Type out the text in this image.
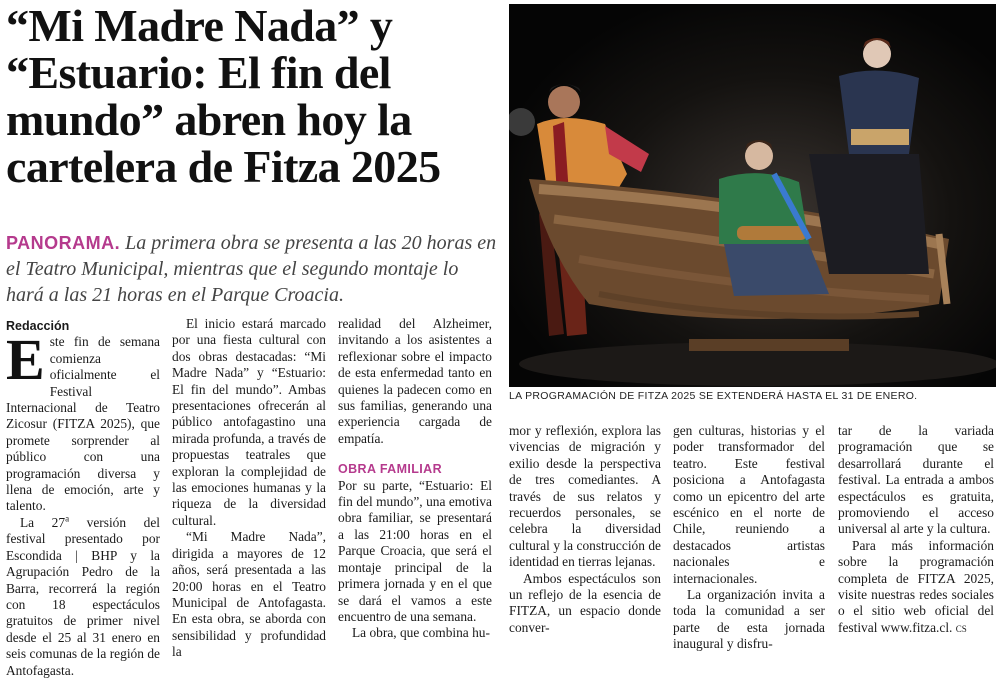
“Mi Madre Nada” y
“Estuario: El fin del
mundo” abren hoy la
cartelera de Fitza 2025

PANORAMA. La primera obra se presenta a las 20 horas en el Teatro Municipal, mientras que el segundo montaje lo hará a las 21 horas en el Parque Croacia.

LA PROGRAMACIÓN DE FITZA 2025 SE EXTENDERÁ HASTA EL 31 DE ENERO.

Redacción

Este fin de semana comienza oficialmente el Festival Internacional de Teatro Zicosur (FITZA 2025), que promete sorprender al público con una programación diversa y llena de emoción, arte y talento.

La 27$^a$ versión del festival presentado por Escondida | BHP y la Agrupación Pedro de la Barra, recorrerá la región con 18 espectáculos gratuitos de primer nivel desde el 25 al 31 enero en seis comunas de la región de Antofagasta.

El inicio estará marcado por una fiesta cultural con dos obras destacadas: “Mi Madre Nada” y “Estuario: El fin del mundo”. Ambas presentaciones ofrecerán al público antofagastino una mirada profunda, a través de propuestas teatrales que exploran la complejidad de las emociones humanas y la riqueza de la diversidad cultural.

“Mi Madre Nada”, dirigida a mayores de 12 años, será presentada a las 20:00 horas en el Teatro Municipal de Antofagasta. En esta obra, se aborda con sensibilidad y profundidad la

realidad del Alzheimer, invitando a los asistentes a reflexionar sobre el impacto de esta enfermedad tanto en quienes la padecen como en sus familias, generando una experiencia cargada de empatía.

OBRA FAMILIAR

Por su parte, “Estuario: El fin del mundo”, una emotiva obra familiar, se presentará a las 21:00 horas en el Parque Croacia, que será el montaje principal de la primera jornada y en el que se dará el vamos a este encuentro de una semana.

La obra, que combina hu-

mor y reflexión, explora las vivencias de migración y exilio desde la perspectiva de tres comediantes. A través de sus relatos y recuerdos personales, se celebra la diversidad cultural y la construcción de identidad en tierras lejanas.

Ambos espectáculos son un reflejo de la esencia de FITZA, un espacio donde conver-

gen culturas, historias y el poder transformador del teatro. Este festival posiciona a Antofagasta como un epicentro del arte escénico en el norte de Chile, reuniendo a destacados artistas nacionales e internacionales.

La organización invita a toda la comunidad a ser parte de esta jornada inaugural y disfru-

tar de la variada programación que se desarrollará durante el festival. La entrada a ambos espectáculos es gratuita, promoviendo el acceso universal al arte y la cultura.

Para más información sobre la programación completa de FITZA 2025, visite nuestras redes sociales o el sitio web oficial del festival www.fitza.cl. CS
